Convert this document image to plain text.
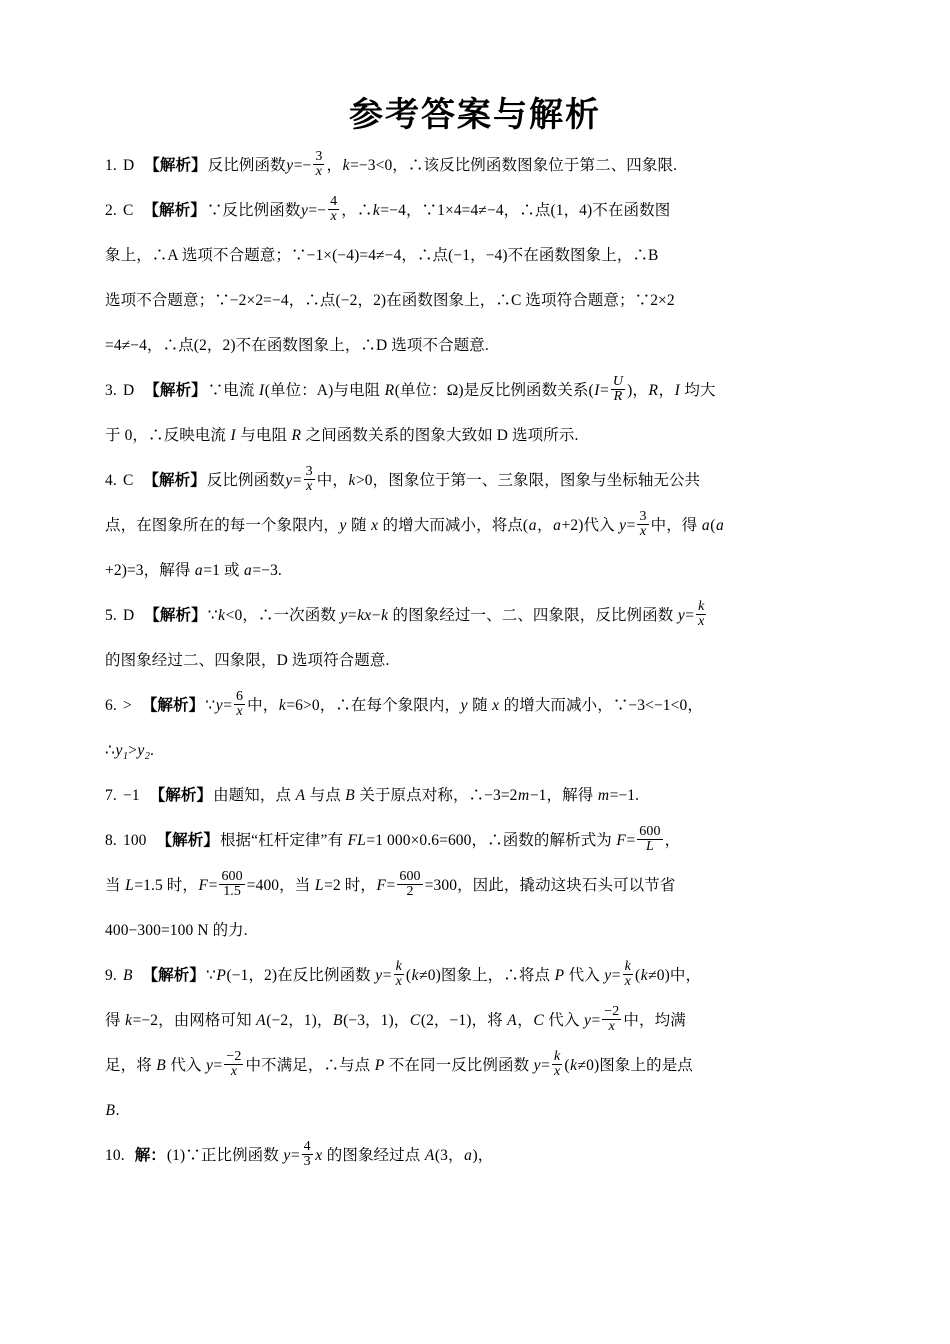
参考答案与解析
1. D 【解析】反比例函数$y=- \frac{3}{x}$ ，k=−3<0，∴该反比例函数图象位于第二、四象限.
2. C 【解析】∵反比例函数$y=- \frac{4}{x}$ ，∴k=−4，∵1×4=4≠−4，∴点(1，4)不在函数图
象上，∴A 选项不合题意；∵−1×(−4)=4≠−4，∴点(−1，−4)不在函数图象上，∴B
选项不合题意；∵−2×2=−4，∴点(−2，2)在函数图象上，∴C 选项符合题意；∵2×2
=4≠−4，∴点(2，2)不在函数图象上，∴D 选项不合题意.
3. D 【解析】∵电流 I(单位：A)与电阻 R(单位：Ω)是反比例函数关系($I= \frac{U}{R}$ )，R，I 均大
于 0，∴反映电流 I 与电阻 R 之间函数关系的图象大致如 D 选项所示.
4. C 【解析】反比例函数$y= \frac{3}{x}$ 中，k>0，图象位于第一、三象限，图象与坐标轴无公共
点，在图象所在的每一个象限内，y 随 x 的增大而减小，将点(a，a+2)代入 $y= \frac{3}{x}$ 中，得 a(a
+2)=3，解得 a=1 或 a=−3.
5. D 【解析】∵k<0，∴一次函数 y=kx−k 的图象经过一、二、四象限，反比例函数 $y= \frac{k}{x}$
的图象经过二、四象限，D 选项符合题意.
6. > 【解析】∵y= $\frac{6}{x}$ 中，k=6>0，∴在每个象限内，y 随 x 的增大而减小，∵−3<−1<0，
$\therefore y_1>y_2$.
7. −1 【解析】由题知，点 A 与点 B 关于原点对称，∴−3=2m−1，解得 m=−1.
8. 100 【解析】根据“杠杆定律”有 FL=1 000×0.6=600，∴函数的解析式为 $F= \frac{600}{L}$ ，
当 L=1.5 时，$F= \frac{600}{1.5} =400$，当 L=2 时，$F= \frac{600}{2} =300$，因此，撬动这块石头可以节省
400−300=100 N 的力.
9. B 【解析】∵P(−1，2)在反比例函数 $y= \frac{k}{x} (k\ne 0)$图象上，∴将点 P 代入 $y= \frac{k}{x} (k\ne 0)$中，
得 k=−2，由网格可知 A(−2，1)，B(−3，1)，C(2，−1)，将 A，C 代入 $y= \frac{-2}{x}$ 中，均满
足，将 B 代入 $y= \frac{-2}{x}$ 中不满足，∴与点 P 不在同一反比例函数 $y= \frac{k}{x} (k\ne 0)$图象上的是点
B.
10. 解：(1)∵正比例函数 $y= \frac{4}{3}$ x 的图象经过点 A(3，a)，
